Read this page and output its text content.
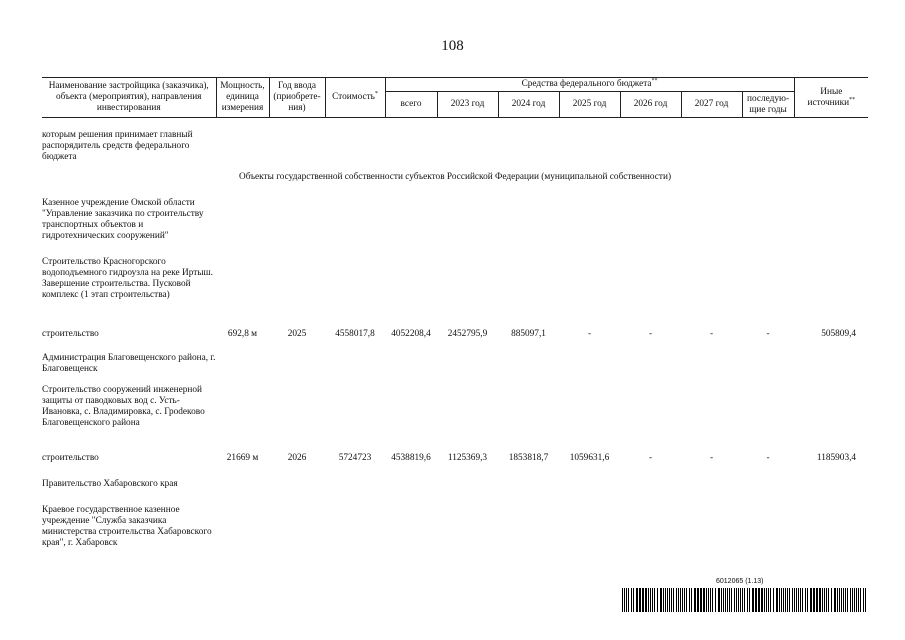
108
Наименование застройщика (заказчика), объекта (мероприятия), направления инвестирования	Мощность, единица измерения	Год ввода (приобрете-ния)	Стоимость*	Средства федерального бюджета**							Иные источники**
				всего	2023 год	2024 год	2025 год	2026 год	2027 год	последую-щие годы	
которым решения принимает главный распорядитель средств федерального бюджета											
Объекты государственной собственности субъектов Российской Федерации (муниципальной собственности)											
Казенное учреждение Омской области "Управление заказчика по строительству транспортных объектов и гидротехнических сооружений"											
Строительство Красногорского водоподъемного гидроузла на реке Иртыш. Завершение строительства. Пусковой комплекс (1 этап строительства)											
строительство	692,8 м	2025	4558017,8	4052208,4	2452795,9	885097,1	-	-	-	-	505809,4
Администрация Благовещенского района, г. Благовещенск											
Строительство сооружений инженерной защиты от паводковых вод с. Усть-Ивановка, с. Владимировка, с. Грodeково Благовещенского района											
строительство	21669 м	2026	5724723	4538819,6	1125369,3	1853818,7	1059631,6	-	-	-	1185903,4
Правительство Хабаровского края											
Краевое государственное казенное учреждение "Служба заказчика министерства строительства Хабаровского края", г. Хабаровск											
6012065 (1.13)
